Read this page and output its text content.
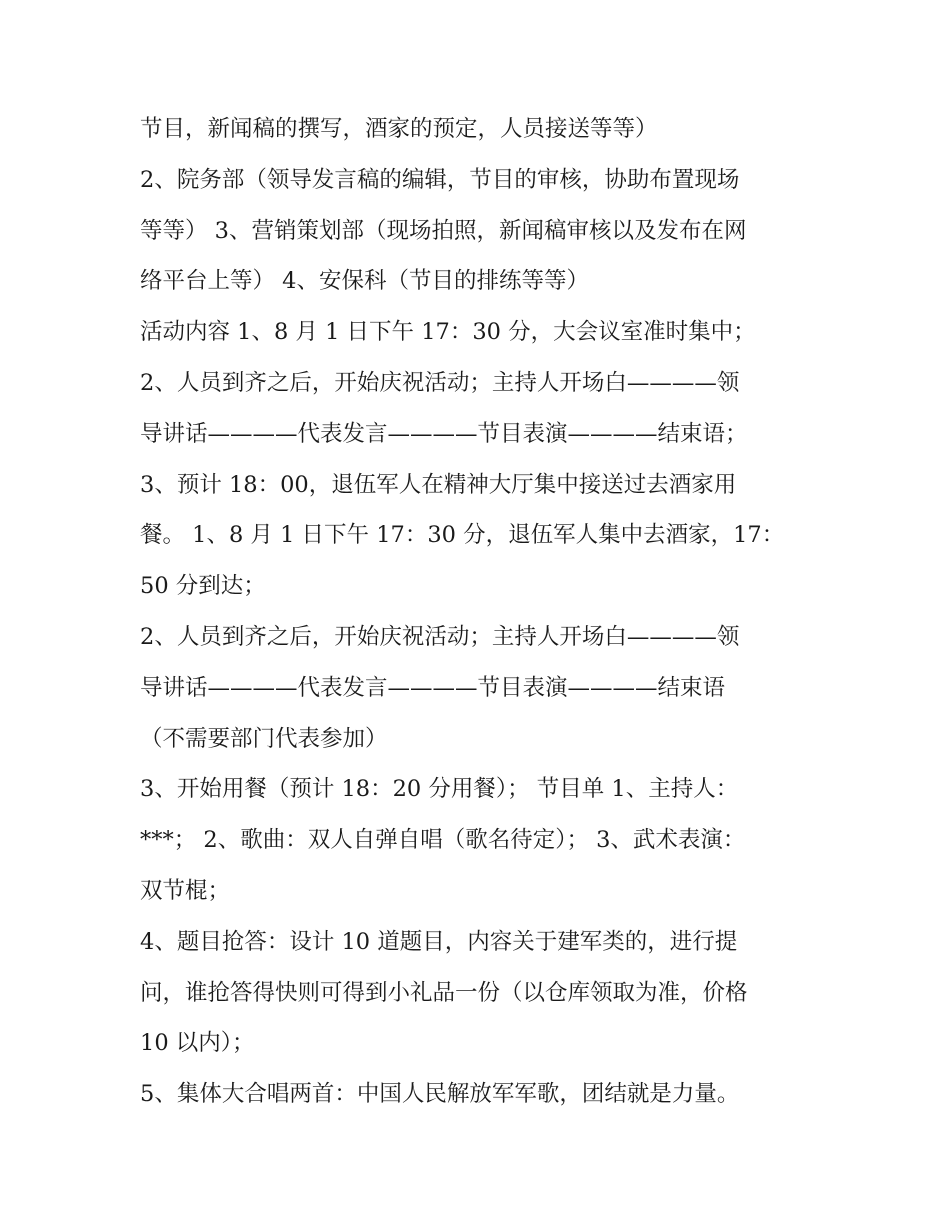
节目，新闻稿的撰写，酒家的预定，人员接送等等）

2、院务部（领导发言稿的编辑，节目的审核，协助布置现场

等等） 3、营销策划部（现场拍照，新闻稿审核以及发布在网

络平台上等） 4、安保科（节目的排练等等）

活动内容 1、8 月 1 日下午 17：30 分，大会议室准时集中；

2、人员到齐之后，开始庆祝活动；主持人开场白————领

导讲话————代表发言————节目表演————结束语；

3、预计 18：00，退伍军人在精神大厅集中接送过去酒家用

餐。 1、8 月 1 日下午 17：30 分，退伍军人集中去酒家，17：

50 分到达；

2、人员到齐之后，开始庆祝活动；主持人开场白————领

导讲话————代表发言————节目表演————结束语

（不需要部门代表参加）

3、开始用餐（预计 18：20 分用餐）； 节目单 1、主持人：

***； 2、歌曲：双人自弹自唱（歌名待定）； 3、武术表演：

双节棍；

4、题目抢答：设计 10 道题目，内容关于建军类的，进行提

问，谁抢答得快则可得到小礼品一份（以仓库领取为准，价格

10 以内）；

5、集体大合唱两首：中国人民解放军军歌，团结就是力量。
